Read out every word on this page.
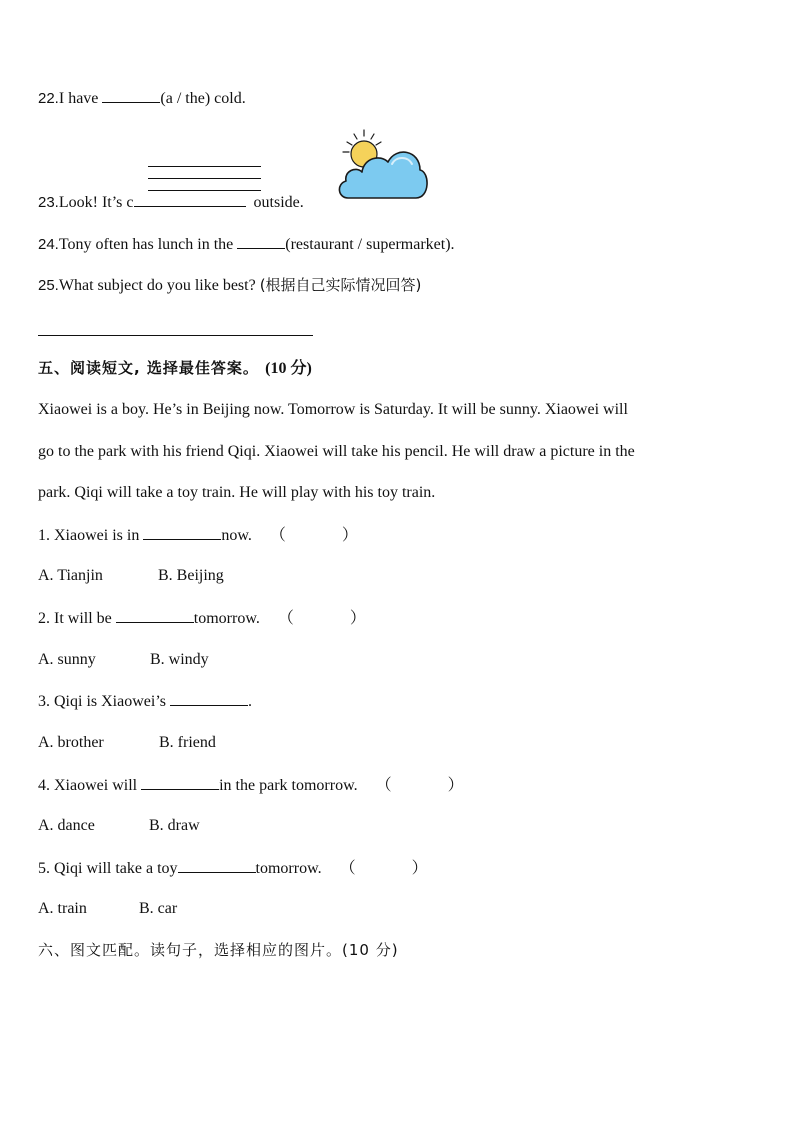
22.I have	(a / the) cold.
23.Look! It’s c	outside.
24.Tony often has lunch in the	(restaurant / supermarket).
25.What subject do you like best? (根据自己实际情况回答)
五、阅读短文, 选择最佳答案。 (10 分)
Xiaowei is a boy. He’s in Beijing now. Tomorrow is Saturday. It will be sunny. Xiaowei will
go to the park with his friend Qiqi. Xiaowei will take his pencil. He will draw a picture in the
park. Qiqi will take a toy train. He will play with his toy train.
1. Xiaowei is in	now. （	）
A. Tianjin	B. Beijing
2. It will be	tomorrow. （	）
A. sunny	B. windy
3. Qiqi is Xiaowei’s	.
A. brother	B. friend
4. Xiaowei will	in the park tomorrow. （	）
A. dance	B. draw
5. Qiqi will take a toy	tomorrow. （	）
A. train	B. car
六、图文匹配。读句子，选择相应的图片。(10 分)
